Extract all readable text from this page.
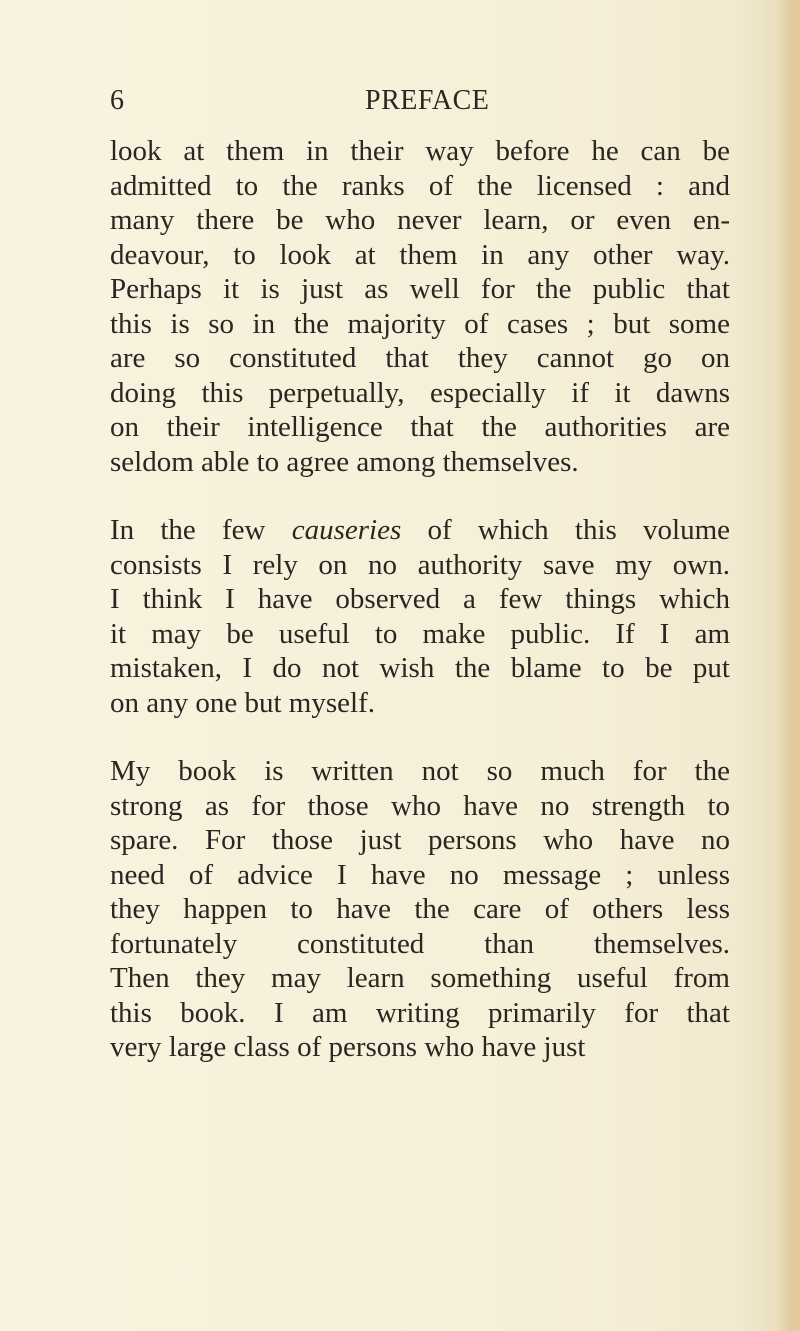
6	PREFACE

look at them in their way before he can be
admitted to the ranks of the licensed : and
many there be who never learn, or even en-
deavour, to look at them in any other way.
Perhaps it is just as well for the public that
this is so in the majority of cases ; but some
are so constituted that they cannot go on
doing this perpetually, especially if it dawns
on their intelligence that the authorities are
seldom able to agree among themselves.

In the few causeries of which this volume
consists I rely on no authority save my own.
I think I have observed a few things which
it may be useful to make public. If I am
mistaken, I do not wish the blame to be put
on any one but myself.

My book is written not so much for the
strong as for those who have no strength to
spare. For those just persons who have no
need of advice I have no message ; unless
they happen to have the care of others less
fortunately constituted than themselves.
Then they may learn something useful from
this book. I am writing primarily for that
very large class of persons who have just
